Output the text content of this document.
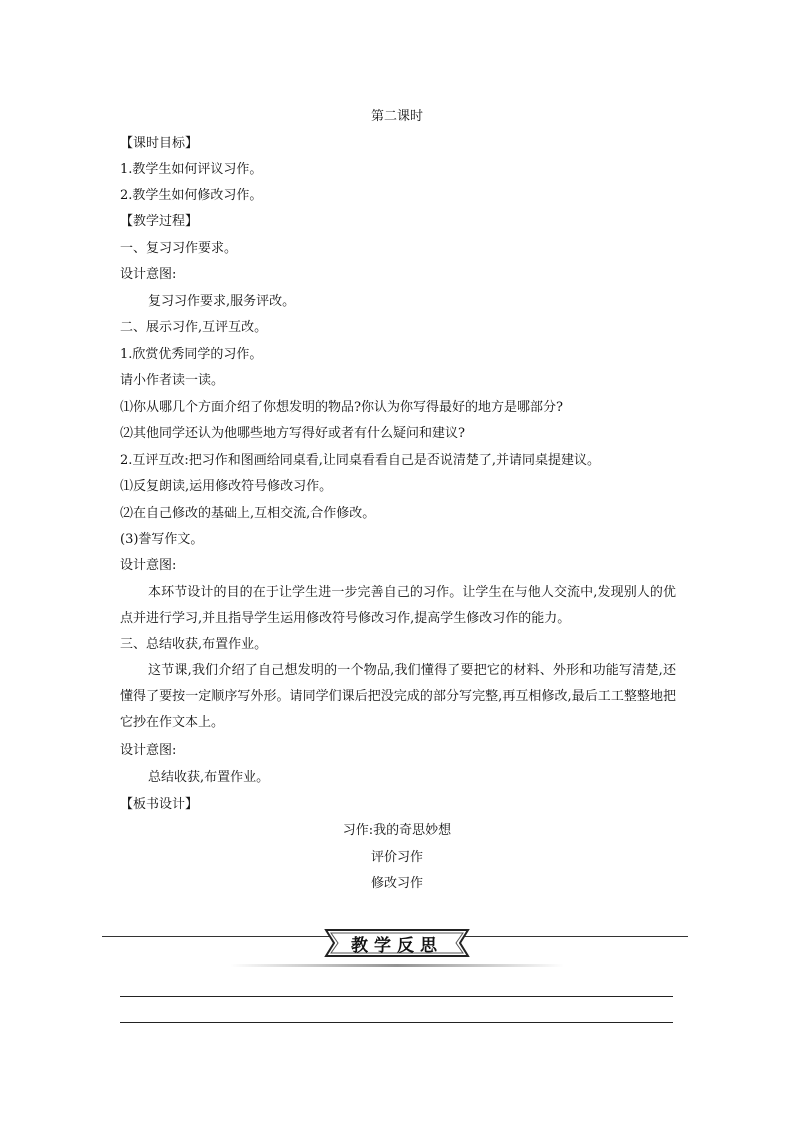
第二课时
【课时目标】
1.教学生如何评议习作。
2.教学生如何修改习作。
【教学过程】
一、复习习作要求。
设计意图:
复习习作要求,服务评改。
二、展示习作,互评互改。
1.欣赏优秀同学的习作。
请小作者读一读。
⑴你从哪几个方面介绍了你想发明的物品?你认为你写得最好的地方是哪部分?
⑵其他同学还认为他哪些地方写得好或者有什么疑问和建议?
2.互评互改:把习作和图画给同桌看,让同桌看看自己是否说清楚了,并请同桌提建议。
⑴反复朗读,运用修改符号修改习作。
⑵在自己修改的基础上,互相交流,合作修改。
(3)誊写作文。
设计意图:
本环节设计的目的在于让学生进一步完善自己的习作。让学生在与他人交流中,发现别人的优点并进行学习,并且指导学生运用修改符号修改习作,提高学生修改习作的能力。
三、总结收获,布置作业。
这节课,我们介绍了自己想发明的一个物品,我们懂得了要把它的材料、外形和功能写清楚,还懂得了要按一定顺序写外形。请同学们课后把没完成的部分写完整,再互相修改,最后工工整整地把它抄在作文本上。
设计意图:
总结收获,布置作业。
【板书设计】
习作:我的奇思妙想
评价习作
修改习作
教学反思
